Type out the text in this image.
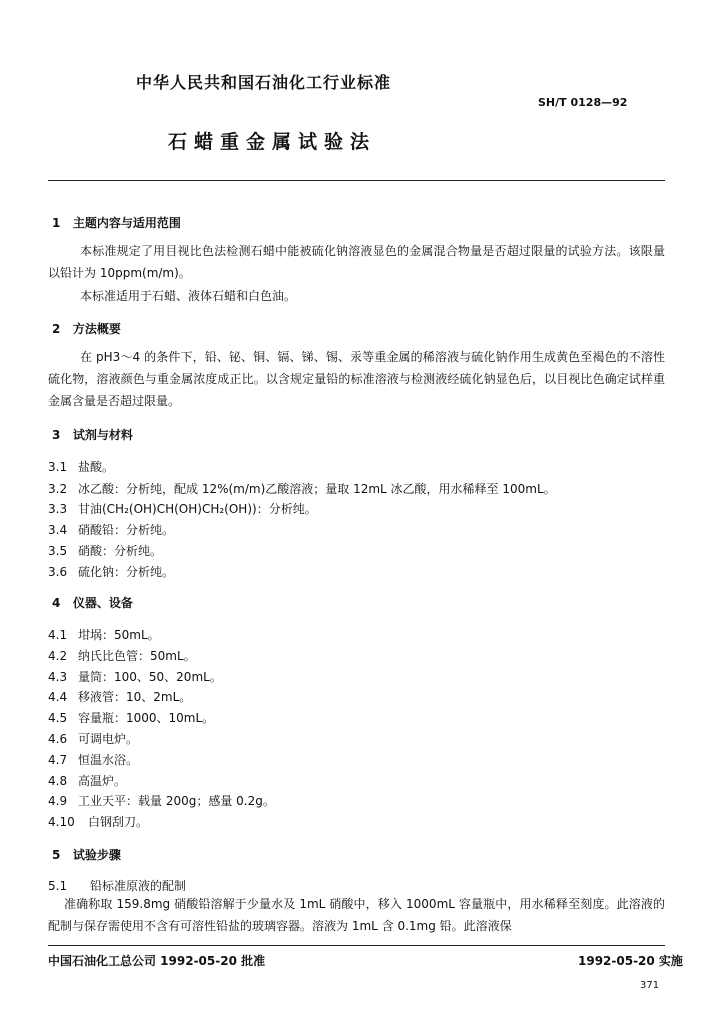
中华人民共和国石油化工行业标准
SH/T 0128—92
石蜡重金属试验法
1 主题内容与适用范围
本标准规定了用目视比色法检测石蜡中能被硫化钠溶液显色的金属混合物量是否超过限量的试验方法。该限量以铅计为 10ppm(m/m)。
本标准适用于石蜡、液体石蜡和白色油。
2 方法概要
在 pH3～4 的条件下，铅、铋、铜、镉、锑、锡、汞等重金属的稀溶液与硫化钠作用生成黄色至褐色的不溶性硫化物，溶液颜色与重金属浓度成正比。以含规定量铅的标准溶液与检测液经硫化钠显色后，以目视比色确定试样重金属含量是否超过限量。
3 试剂与材料
3.1 盐酸。
3.2 冰乙酸：分析纯，配成 12%(m/m)乙酸溶液；量取 12mL 冰乙酸，用水稀释至 100mL。
3.3 甘油(CH₂(OH)CH(OH)CH₂(OH))：分析纯。
3.4 硝酸铅：分析纯。
3.5 硝酸：分析纯。
3.6 硫化钠：分析纯。
4 仪器、设备
4.1 坩埚：50mL。
4.2 纳氏比色管：50mL。
4.3 量筒：100、50、20mL。
4.4 移液管：10、2mL。
4.5 容量瓶：1000、10mL。
4.6 可调电炉。
4.7 恒温水浴。
4.8 高温炉。
4.9 工业天平：载量 200g；感量 0.2g。
4.10 白钢刮刀。
5 试验步骤
5.1 铅标准原液的配制
准确称取 159.8mg 硝酸铅溶解于少量水及 1mL 硝酸中，移入 1000mL 容量瓶中，用水稀释至刻度。此溶液的配制与保存需使用不含有可溶性铅盐的玻璃容器。溶液为 1mL 含 0.1mg 铅。此溶液保
中国石油化工总公司 1992-05-20 批准	1992-05-20 实施
371
